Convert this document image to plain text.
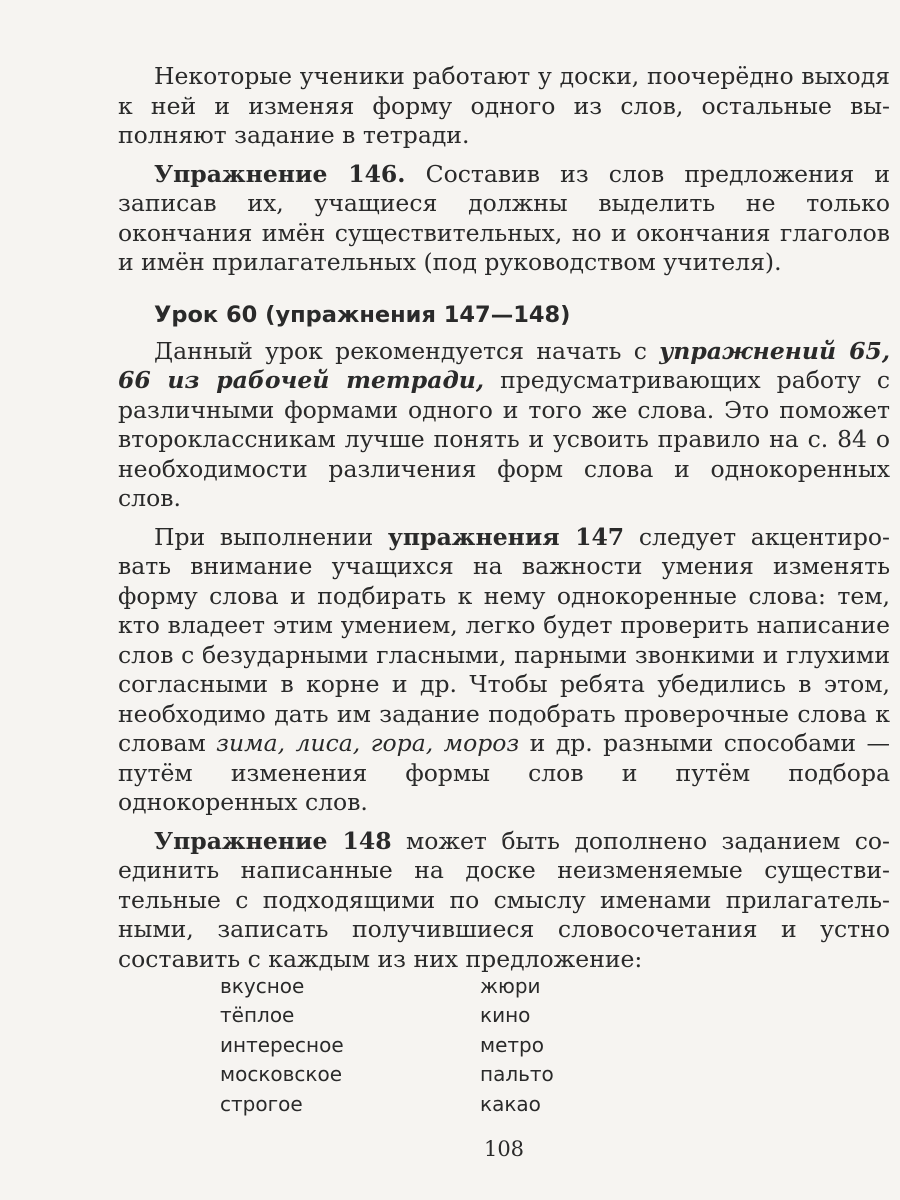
Некоторые ученики работают у доски, поочерёдно выходя к ней и изменяя форму одного из слов, остальные выполняют задание в тетради.

Упражнение 146. Составив из слов предложения и записав их, учащиеся должны выделить не только окончания имён существительных, но и окончания глаголов и имён прилагательных (под руководством учителя).

Урок 60 (упражнения 147—148)

Данный урок рекомендуется начать с упражнений 65, 66 из рабочей тетради, предусматривающих работу с различными формами одного и того же слова. Это поможет второклассникам лучше понять и усвоить правило на с. 84 о необходимости различения форм слова и однокоренных слов.

При выполнении упражнения 147 следует акцентировать внимание учащихся на важности умения изменять форму слова и подбирать к нему однокоренные слова: тем, кто владеет этим умением, легко будет проверить написание слов с безударными гласными, парными звонкими и глухими согласными в корне и др. Чтобы ребята убедились в этом, необходимо дать им задание подобрать проверочные слова к словам зима, лиса, гора, мороз и др. разными способами — путём изменения формы слов и путём подбора однокоренных слов.

Упражнение 148 может быть дополнено заданием соединить написанные на доске неизменяемые существительные с подходящими по смыслу именами прилагательными, записать получившиеся словосочетания и устно составить с каждым из них предложение:

вкусное	жюри
тёплое	кино
интересное	метро
московское	пальто
строгое	какао
108
